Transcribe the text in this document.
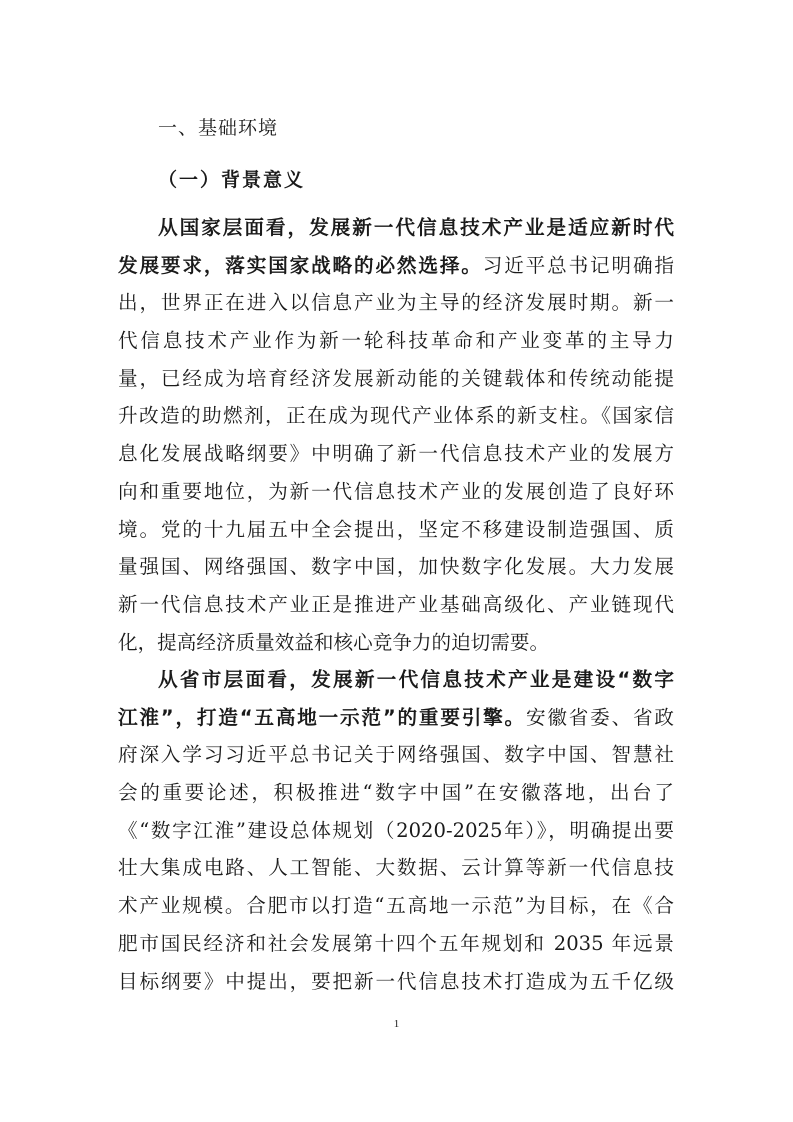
一、基础环境
（一）背景意义
从国家层面看，发展新一代信息技术产业是适应新时代
发展要求，落实国家战略的必然选择。习近平总书记明确指
出，世界正在进入以信息产业为主导的经济发展时期。新一
代信息技术产业作为新一轮科技革命和产业变革的主导力
量，已经成为培育经济发展新动能的关键载体和传统动能提
升改造的助燃剂，正在成为现代产业体系的新支柱。《国家信
息化发展战略纲要》中明确了新一代信息技术产业的发展方
向和重要地位，为新一代信息技术产业的发展创造了良好环
境。党的十九届五中全会提出，坚定不移建设制造强国、质
量强国、网络强国、数字中国，加快数字化发展。大力发展
新一代信息技术产业正是推进产业基础高级化、产业链现代
化，提高经济质量效益和核心竞争力的迫切需要。
从省市层面看，发展新一代信息技术产业是建设“数字
江淮”，打造“五高地一示范”的重要引擎。安徽省委、省政
府深入学习习近平总书记关于网络强国、数字中国、智慧社
会的重要论述，积极推进“数字中国”在安徽落地，出台了
《“数字江淮”建设总体规划（2020-2025年）》，明确提出要
壮大集成电路、人工智能、大数据、云计算等新一代信息技
术产业规模。合肥市以打造“五高地一示范”为目标，在《合
肥市国民经济和社会发展第十四个五年规划和 2035 年远景
目标纲要》中提出，要把新一代信息技术打造成为五千亿级
1
